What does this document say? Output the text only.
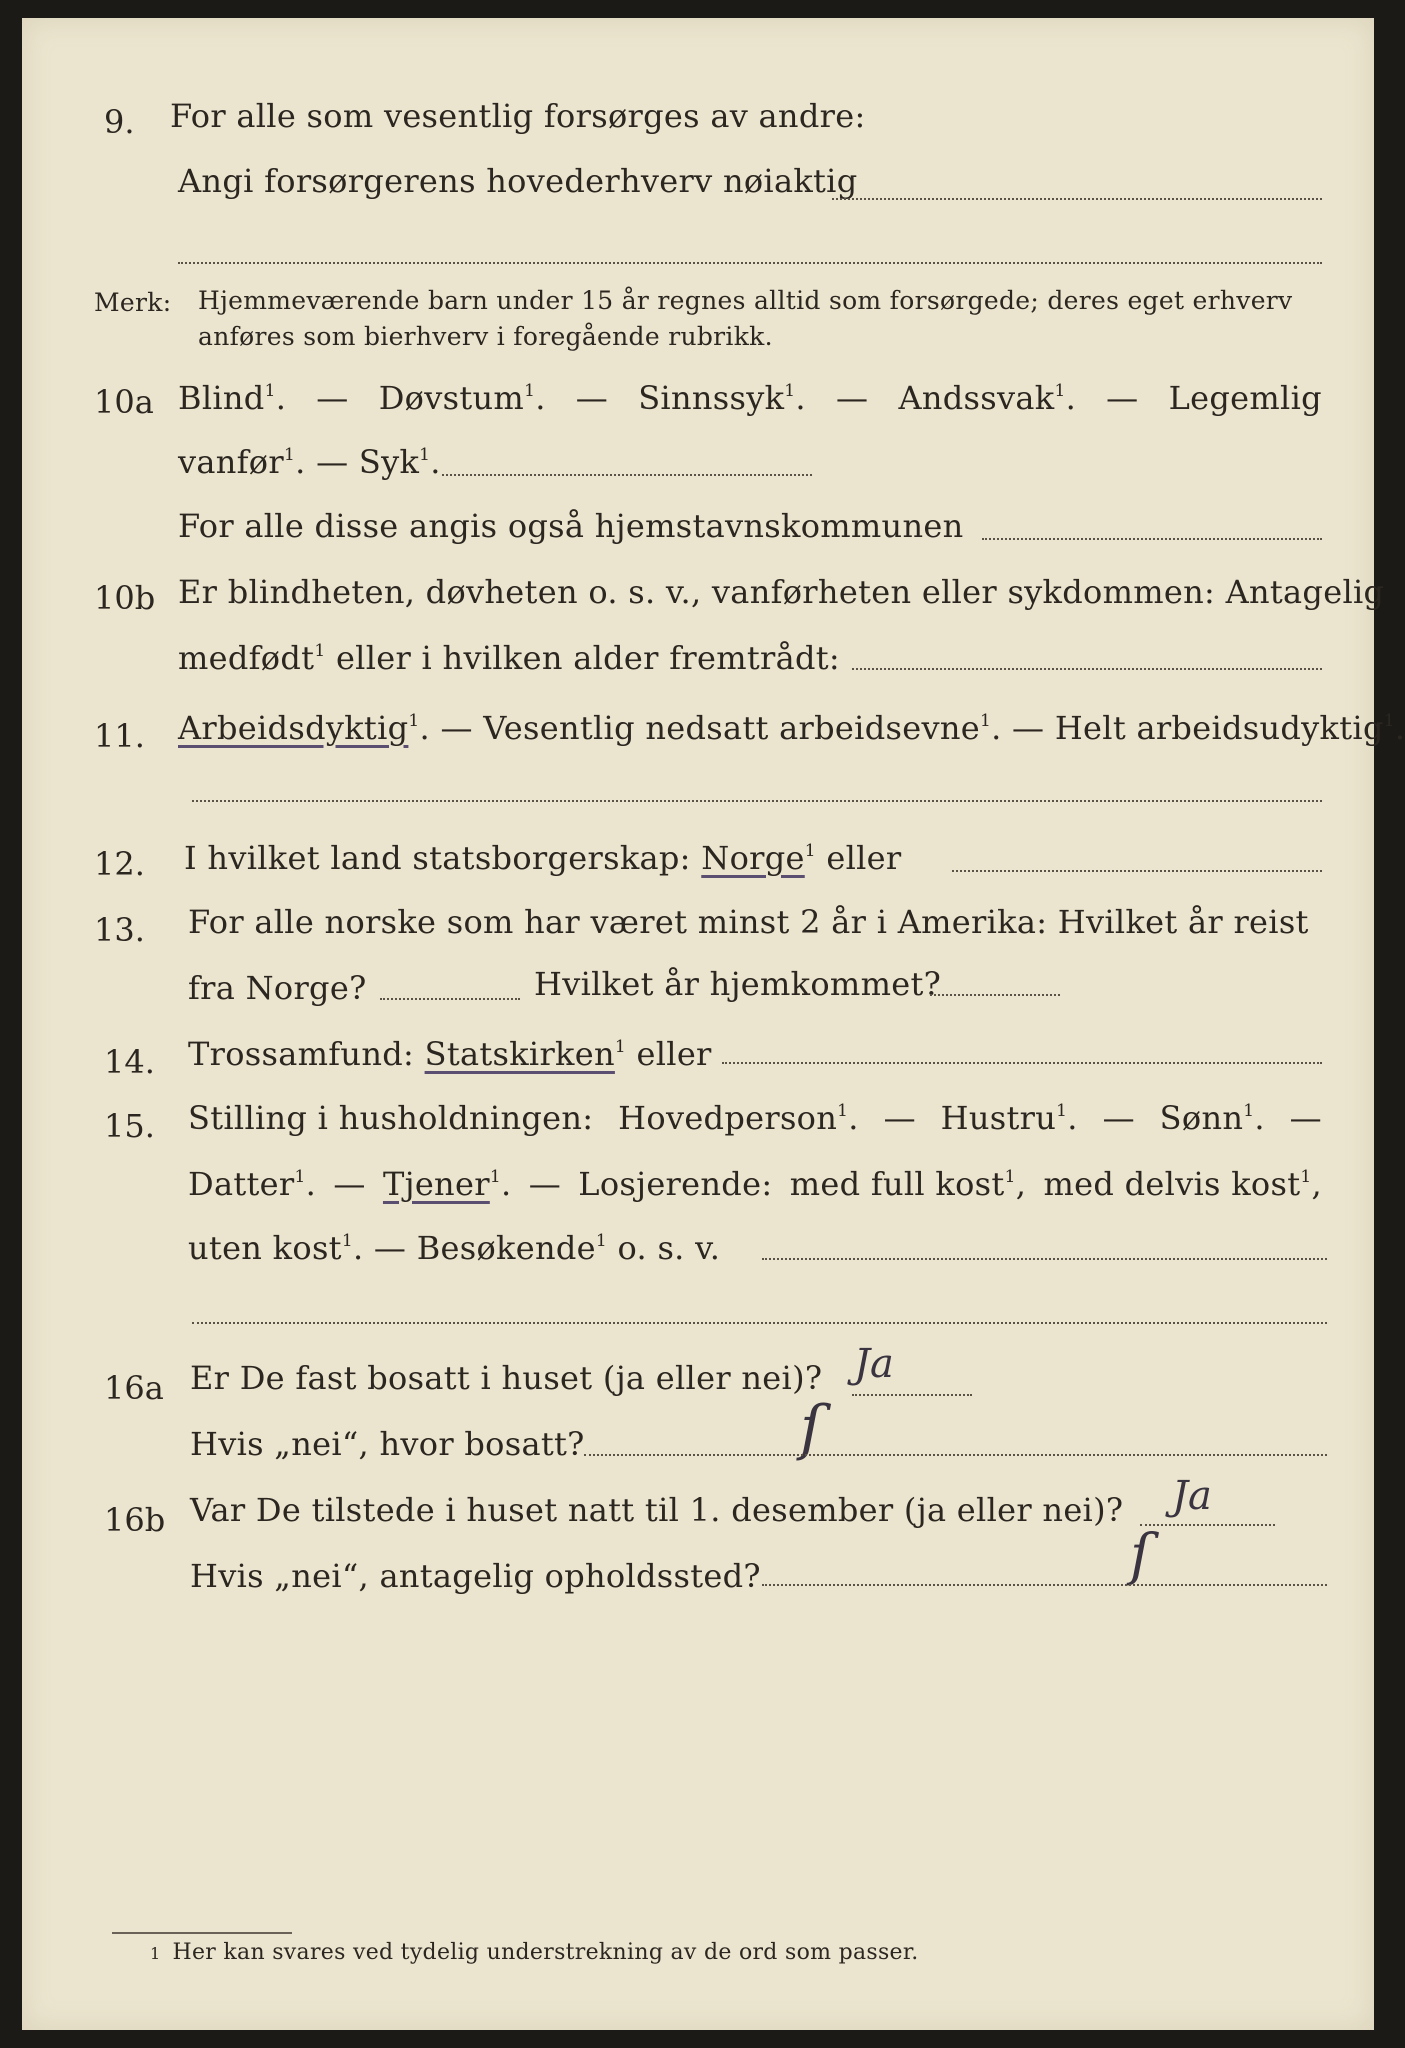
9. For alle som vesentlig forsørges av andre:
Angi forsørgerens hovederhverv nøiaktig
Merk: Hjemmeværende barn under 15 år regnes alltid som forsørgede; deres eget erhverv
anføres som bierhverv i foregående rubrikk.
10a Blind$^1$. — Døvstum$^1$. — Sinnssyk$^1$. — Andssvak$^1$. — Legemlig
vanfør$^1$. — Syk$^1$.
For alle disse angis også hjemstavnskommunen
10b Er blindheten, døvheten o. s. v., vanførheten eller sykdommen: Antagelig
medfødt$^1$ eller i hvilken alder fremtrådt:
11. Arbeidsdyktig$^1$. — Vesentlig nedsatt arbeidsevne$^1$. — Helt arbeidsudyktig$^1$.
12. I hvilket land statsborgerskap: Norge$^1$ eller
13. For alle norske som har været minst 2 år i Amerika: Hvilket år reist
fra Norge?	Hvilket år hjemkommet?
14. Trossamfund: Statskirken$^1$ eller
15. Stilling i husholdningen: Hovedperson$^1$. — Hustru$^1$. — Sønn$^1$. —
Datter$^1$. — Tjener$^1$. — Losjerende: med full kost$^1$, med delvis kost$^1$,
uten kost$^1$. — Besøkende$^1$ o. s. v.
16a Er De fast bosatt i huset (ja eller nei)? Ja
ſ
Hvis „nei“, hvor bosatt?
16b Var De tilstede i huset natt til 1. desember (ja eller nei)? Ja
ſ
Hvis „nei“, antagelig opholdssted?
1 Her kan svares ved tydelig understrekning av de ord som passer.
